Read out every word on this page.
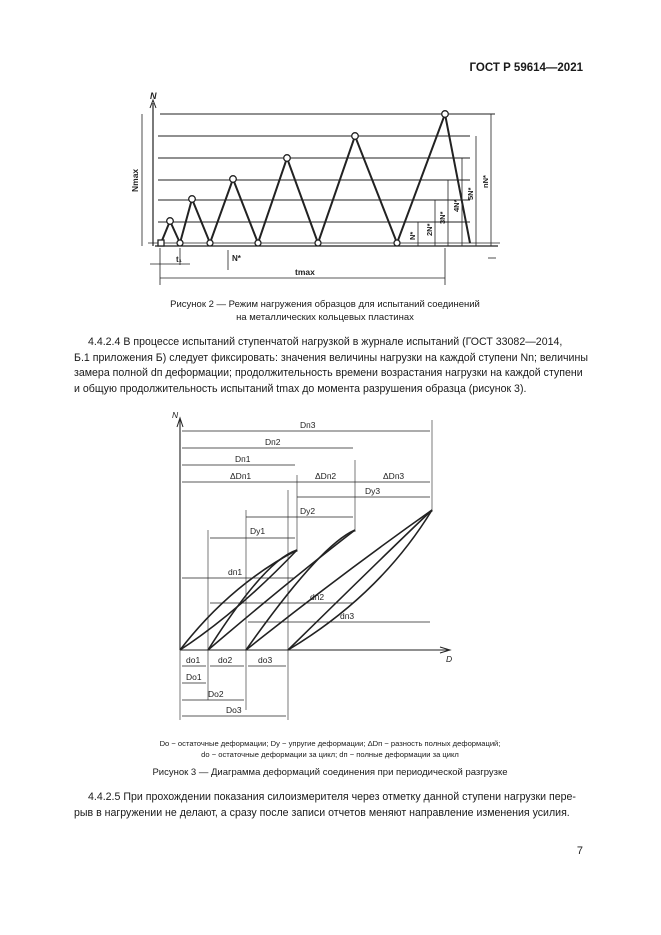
ГОСТ Р 59614—2021
N
Nmax
t₁	N*
tmax
N* 2N*
3N*
4N*
5N*
nN*
Рисунок 2 — Режим нагружения образцов для испытаний соединений
на металлических кольцевых пластинах
4.4.2.4 В процессе испытаний ступенчатой нагрузкой в журнале испытаний (ГОСТ 33082—2014,
Б.1 приложения Б) следует фиксировать: значения величины нагрузки на каждой ступени Nn; величины
замера полной dп деформации; продолжительность времени возрастания нагрузки на каждой ступени
и общую продолжительность испытаний tmax до момента разрушения образца (рисунок 3).
N
D
Dп3
Dп2
Dп1
ΔDп1	ΔDп2	ΔDп3
Dу3
Dу2
Dу1
dп1
dп2
dп3
dо1 dо2	dо3
Dо1
Dо2
Dо3
Dо − остаточные деформации; Dу − упругие деформации; ΔDп − разность полных деформаций;
dо − остаточные деформации за цикл; dп − полные деформации за цикл
Рисунок 3 — Диаграмма деформаций соединения при периодической разгрузке
4.4.2.5 При прохождении показания силоизмерителя через отметку данной ступени нагрузки пере-
рыв в нагружении не делают, а сразу после записи отчетов меняют направление изменения усилия.
7
